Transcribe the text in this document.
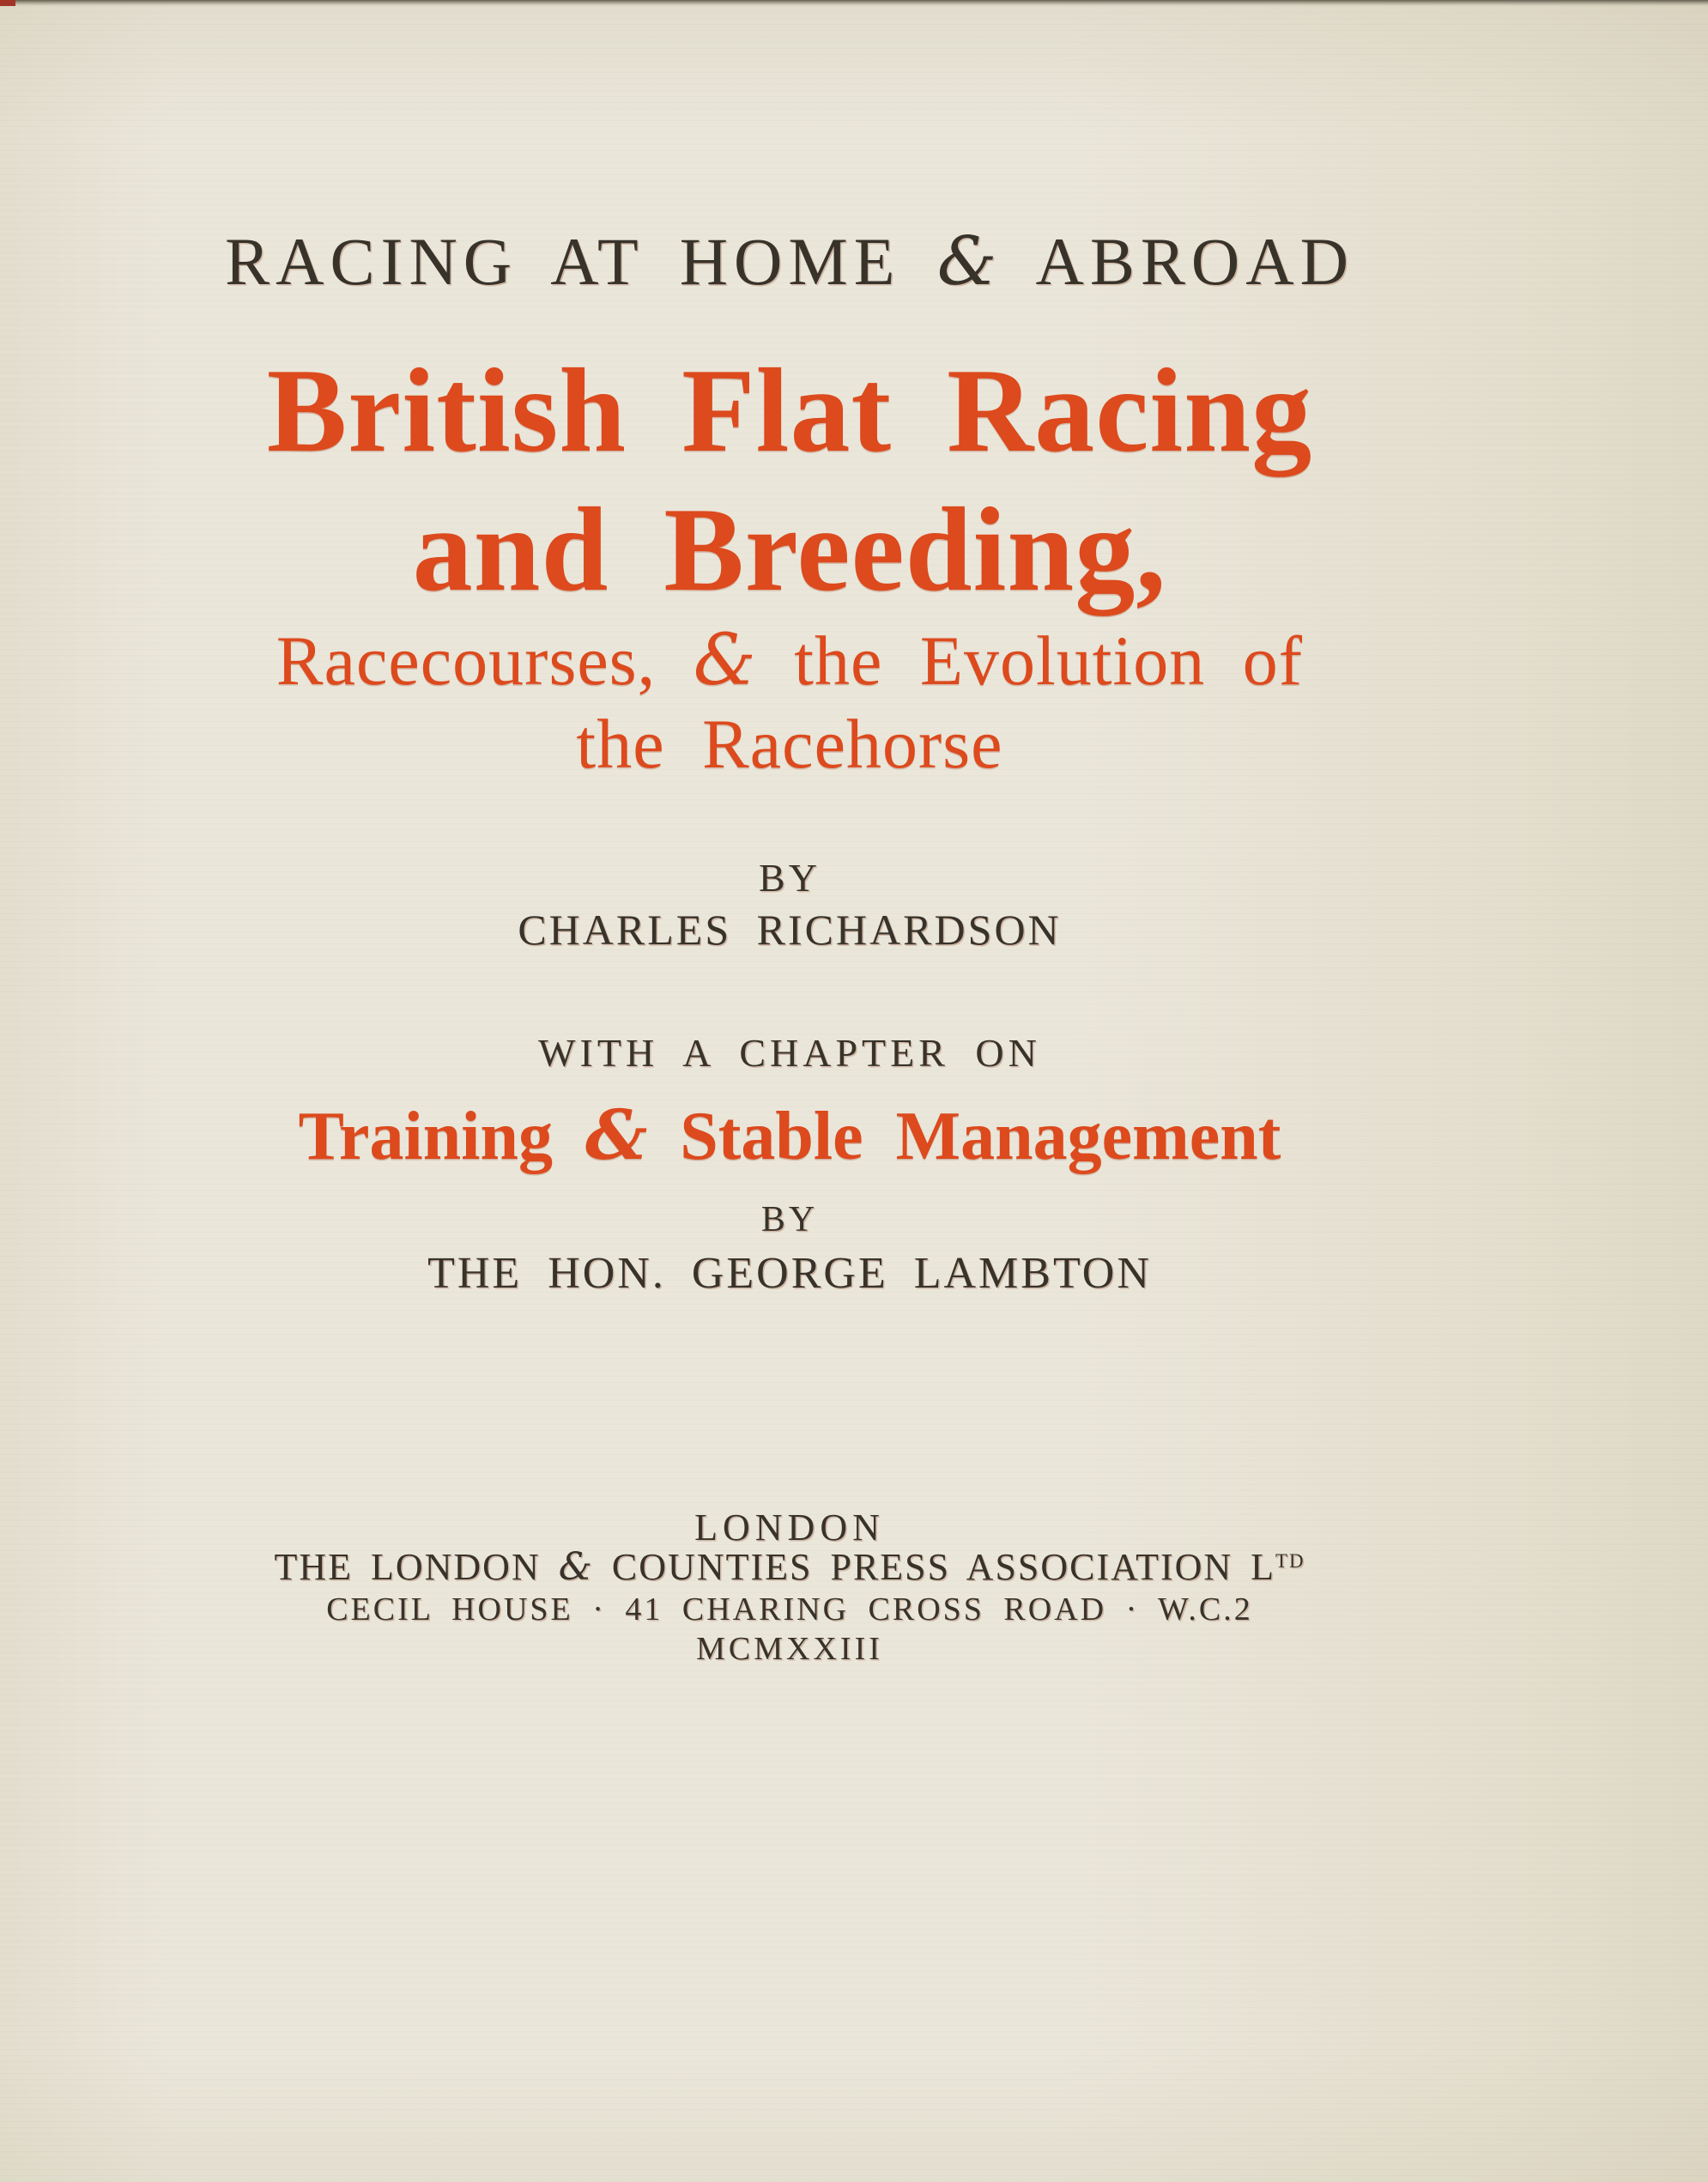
RACING AT HOME & ABROAD
British Flat Racing
and Breeding,
Racecourses, & the Evolution of
the Racehorse
BY
CHARLES RICHARDSON
WITH A CHAPTER ON
Training & Stable Management
BY
THE HON. GEORGE LAMBTON
LONDON
THE LONDON & COUNTIES PRESS ASSOCIATION $L^{TD}$
CECIL HOUSE · 41 CHARING CROSS ROAD · W.C.2
MCMXXIII
